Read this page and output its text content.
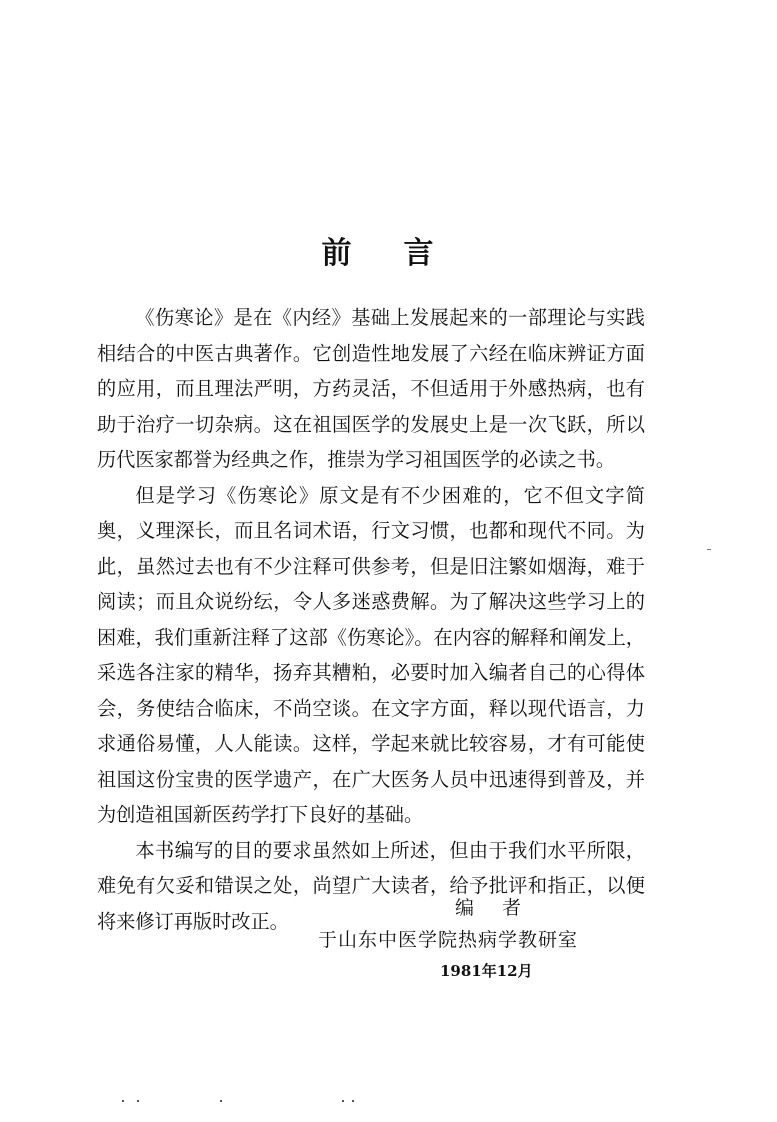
前言

《伤寒论》是在《内经》基础上发展起来的一部理论与实践相结合的中医古典著作。它创造性地发展了六经在临床辨证方面的应用，而且理法严明，方药灵活，不但适用于外感热病，也有助于治疗一切杂病。这在祖国医学的发展史上是一次飞跃，所以历代医家都誉为经典之作，推崇为学习祖国医学的必读之书。

但是学习《伤寒论》原文是有不少困难的，它不但文字简奥，义理深长，而且名词术语，行文习惯，也都和现代不同。为此，虽然过去也有不少注释可供参考，但是旧注繁如烟海，难于阅读；而且众说纷纭，令人多迷惑费解。为了解决这些学习上的困难，我们重新注释了这部《伤寒论》。在内容的解释和阐发上，采选各注家的精华，扬弃其糟粕，必要时加入编者自己的心得体会，务使结合临床，不尚空谈。在文字方面，释以现代语言，力求通俗易懂，人人能读。这样，学起来就比较容易，才有可能使祖国这份宝贵的医学遗产，在广大医务人员中迅速得到普及，并为创造祖国新医药学打下良好的基础。

本书编写的目的要求虽然如上所述，但由于我们水平所限，难免有欠妥和错误之处，尚望广大读者，给予批评和指正，以便将来修订再版时改正。

编者
于山东中医学院热病学教研室
1981年12月
